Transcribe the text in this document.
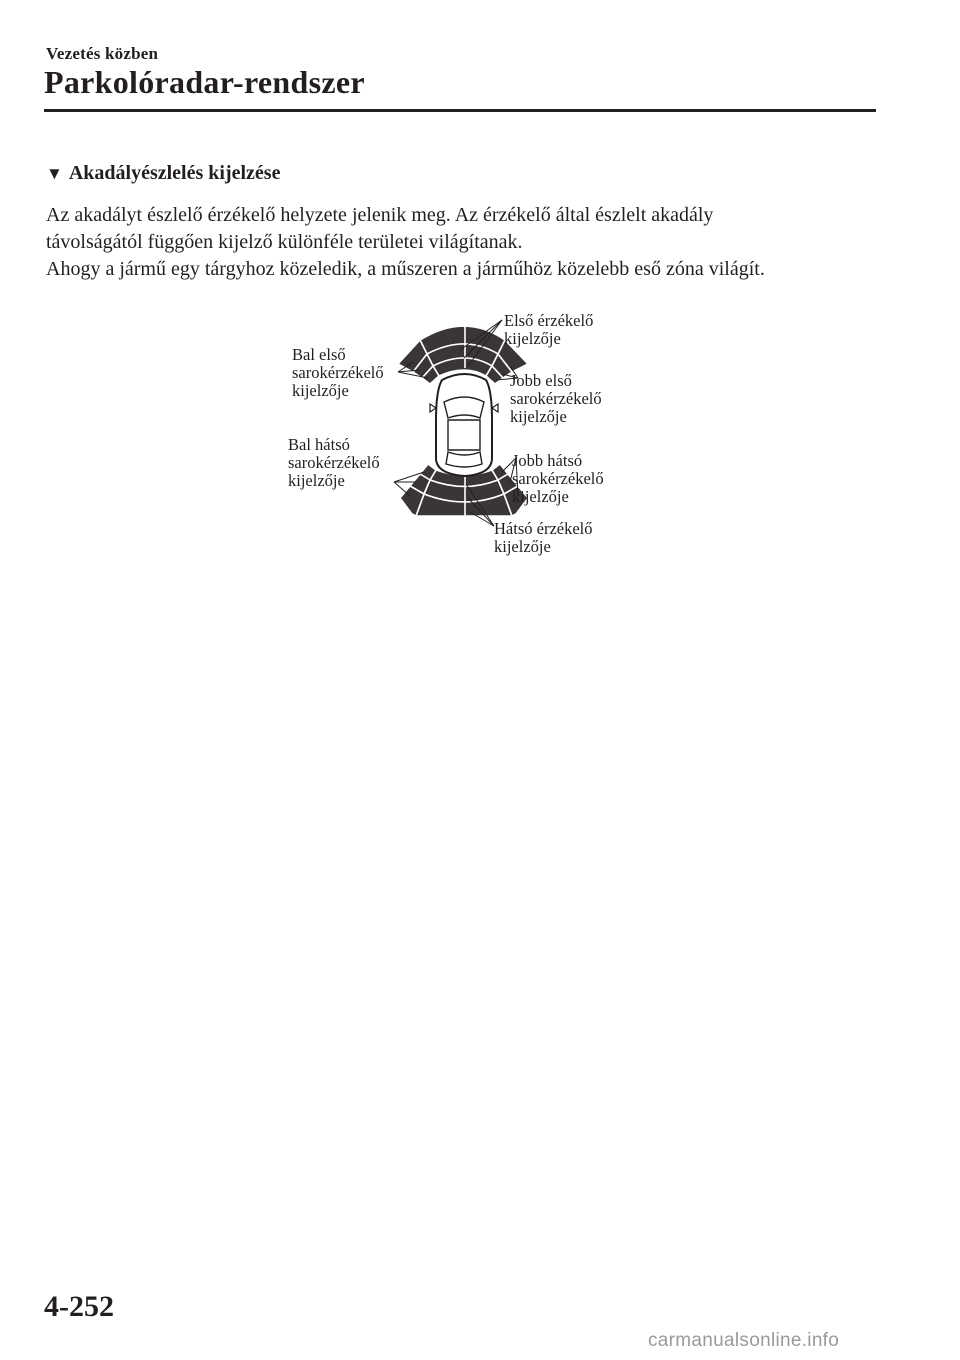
Vezetés közben
Parkolóradar-rendszer
▼ Akadályészlelés kijelzése

Az akadályt észlelő érzékelő helyzete jelenik meg. Az érzékelő által észlelt akadály

távolságától függően kijelző különféle területei világítanak.

Ahogy a jármű egy tárgyhoz közeledik, a műszeren a járműhöz közelebb eső zóna világít.

Első érzékelő
kijelzője
Bal első
sarokérzékelő
kijelzője
Jobb első
sarokérzékelő
kijelzője
Bal hátsó
sarokérzékelő
kijelzője
Jobb hátsó
sarokérzékelő
kijelzője
Hátsó érzékelő
kijelzője
4-252
carmanualsonline.info
